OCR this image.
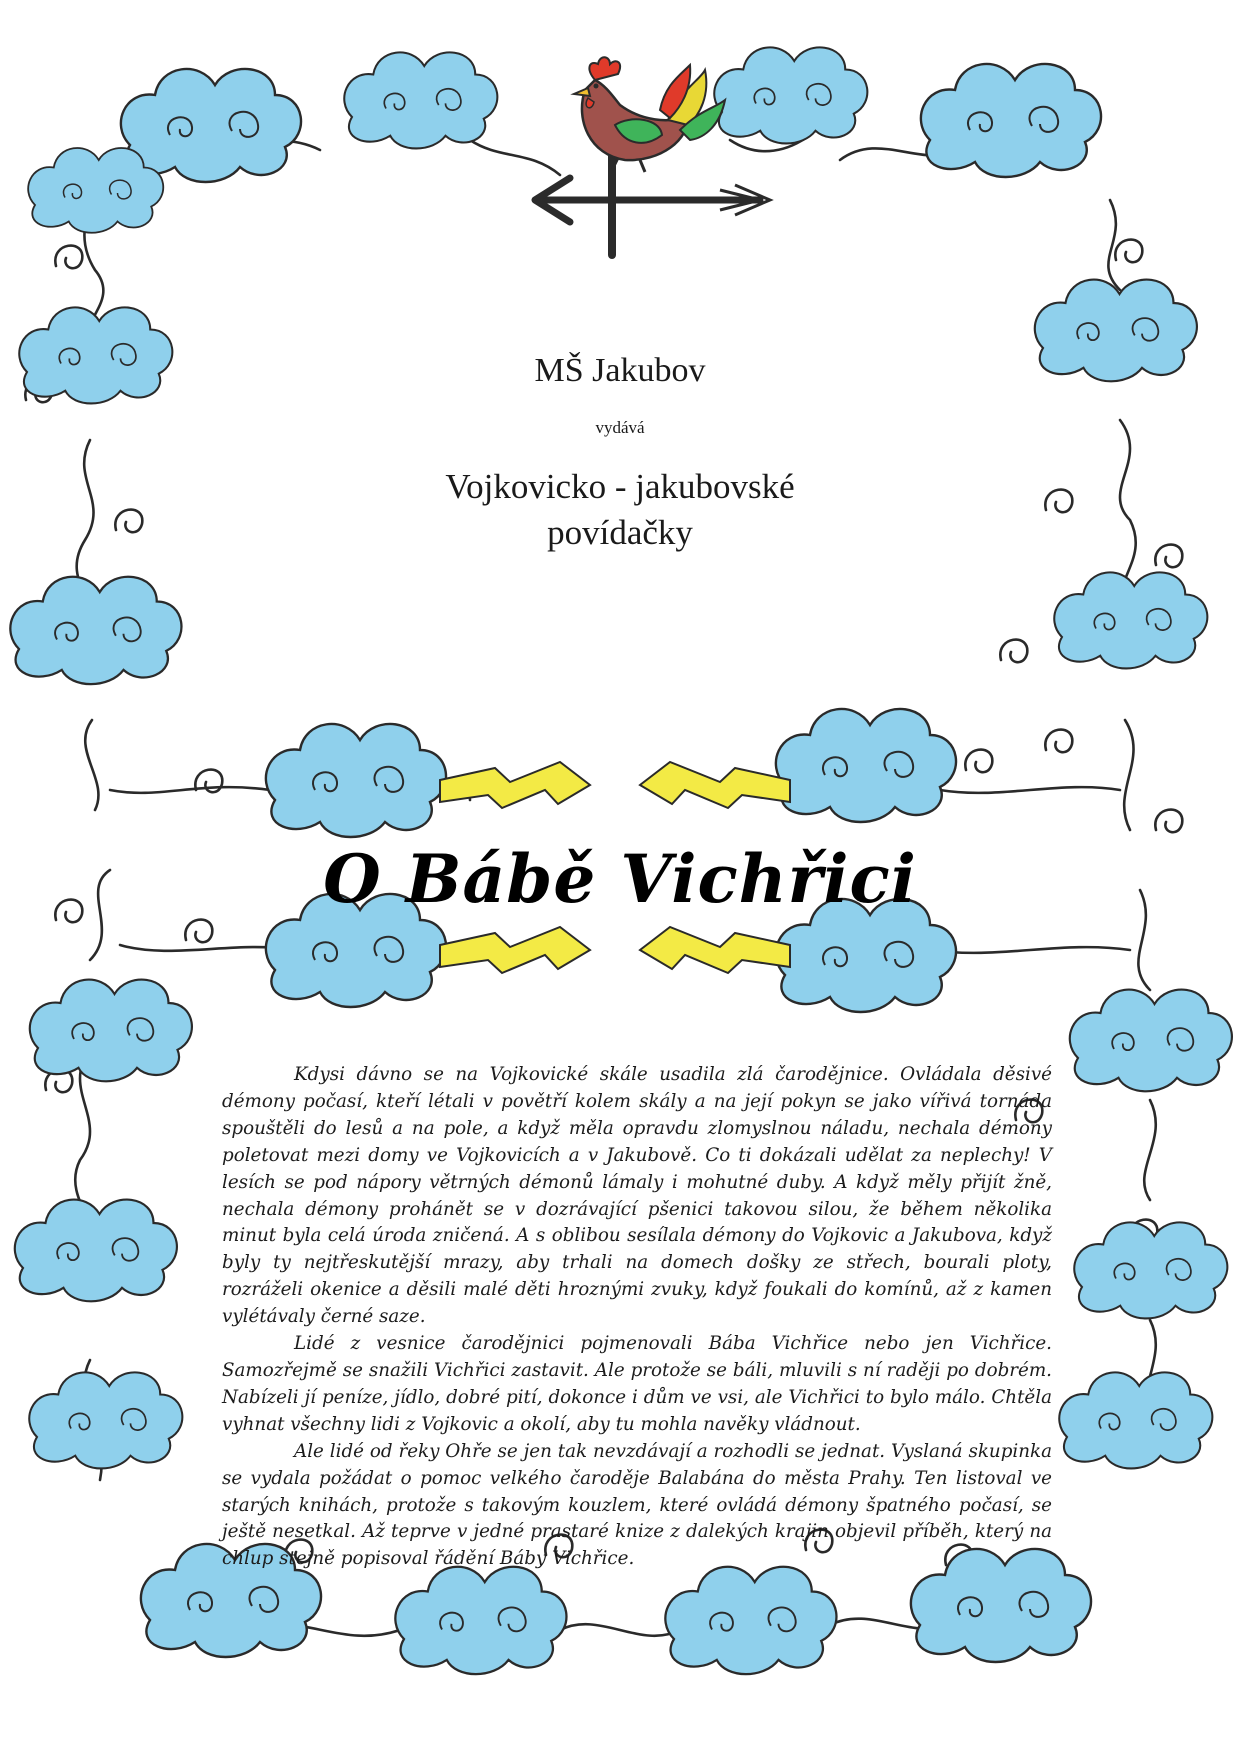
MŠ Jakubov
vydává
Vojkovicko - jakubovské
povídačky
O Bábě Vichřici

Kdysi dávno se na Vojkovické skále usadila zlá čarodějnice. Ovládala děsivé démony počasí, kteří létali v povětří kolem skály a na její pokyn se jako vířivá tornáda spouštěli do lesů a na pole, a když měla opravdu zlomyslnou náladu, nechala démony poletovat mezi domy ve Vojkovicích a v Jakubově. Co ti dokázali udělat za neplechy! V lesích se pod nápory větrných démonů lámaly i mohutné duby. A když měly přijít žně, nechala démony prohánět se v dozrávající pšenici takovou silou, že během několika minut byla celá úroda zničená. A s oblibou sesílala démony do Vojkovic a Jakubova, když byly ty nejtřeskutější mrazy, aby trhali na domech došky ze střech, bourali ploty, rozráželi okenice a děsili malé děti hroznými zvuky, když foukali do komínů, až z kamen vylétávaly černé saze.

Lidé z vesnice čarodějnici pojmenovali Bába Vichřice nebo jen Vichřice. Samozřejmě se snažili Vichřici zastavit. Ale protože se báli, mluvili s ní raději po dobrém. Nabízeli jí peníze, jídlo, dobré pití, dokonce i dům ve vsi, ale Vichřici to bylo málo. Chtěla vyhnat všechny lidi z Vojkovic a okolí, aby tu mohla navěky vládnout.

Ale lidé od řeky Ohře se jen tak nevzdávají a rozhodli se jednat. Vyslaná skupinka se vydala požádat o pomoc velkého čaroděje Balabána do města Prahy. Ten listoval ve starých knihách, protože s takovým kouzlem, které ovládá démony špatného počasí, se ještě nesetkal. Až teprve v jedné prastaré knize z dalekých krajin objevil příběh, který na chlup stejně popisoval řádění Báby Vichřice.
